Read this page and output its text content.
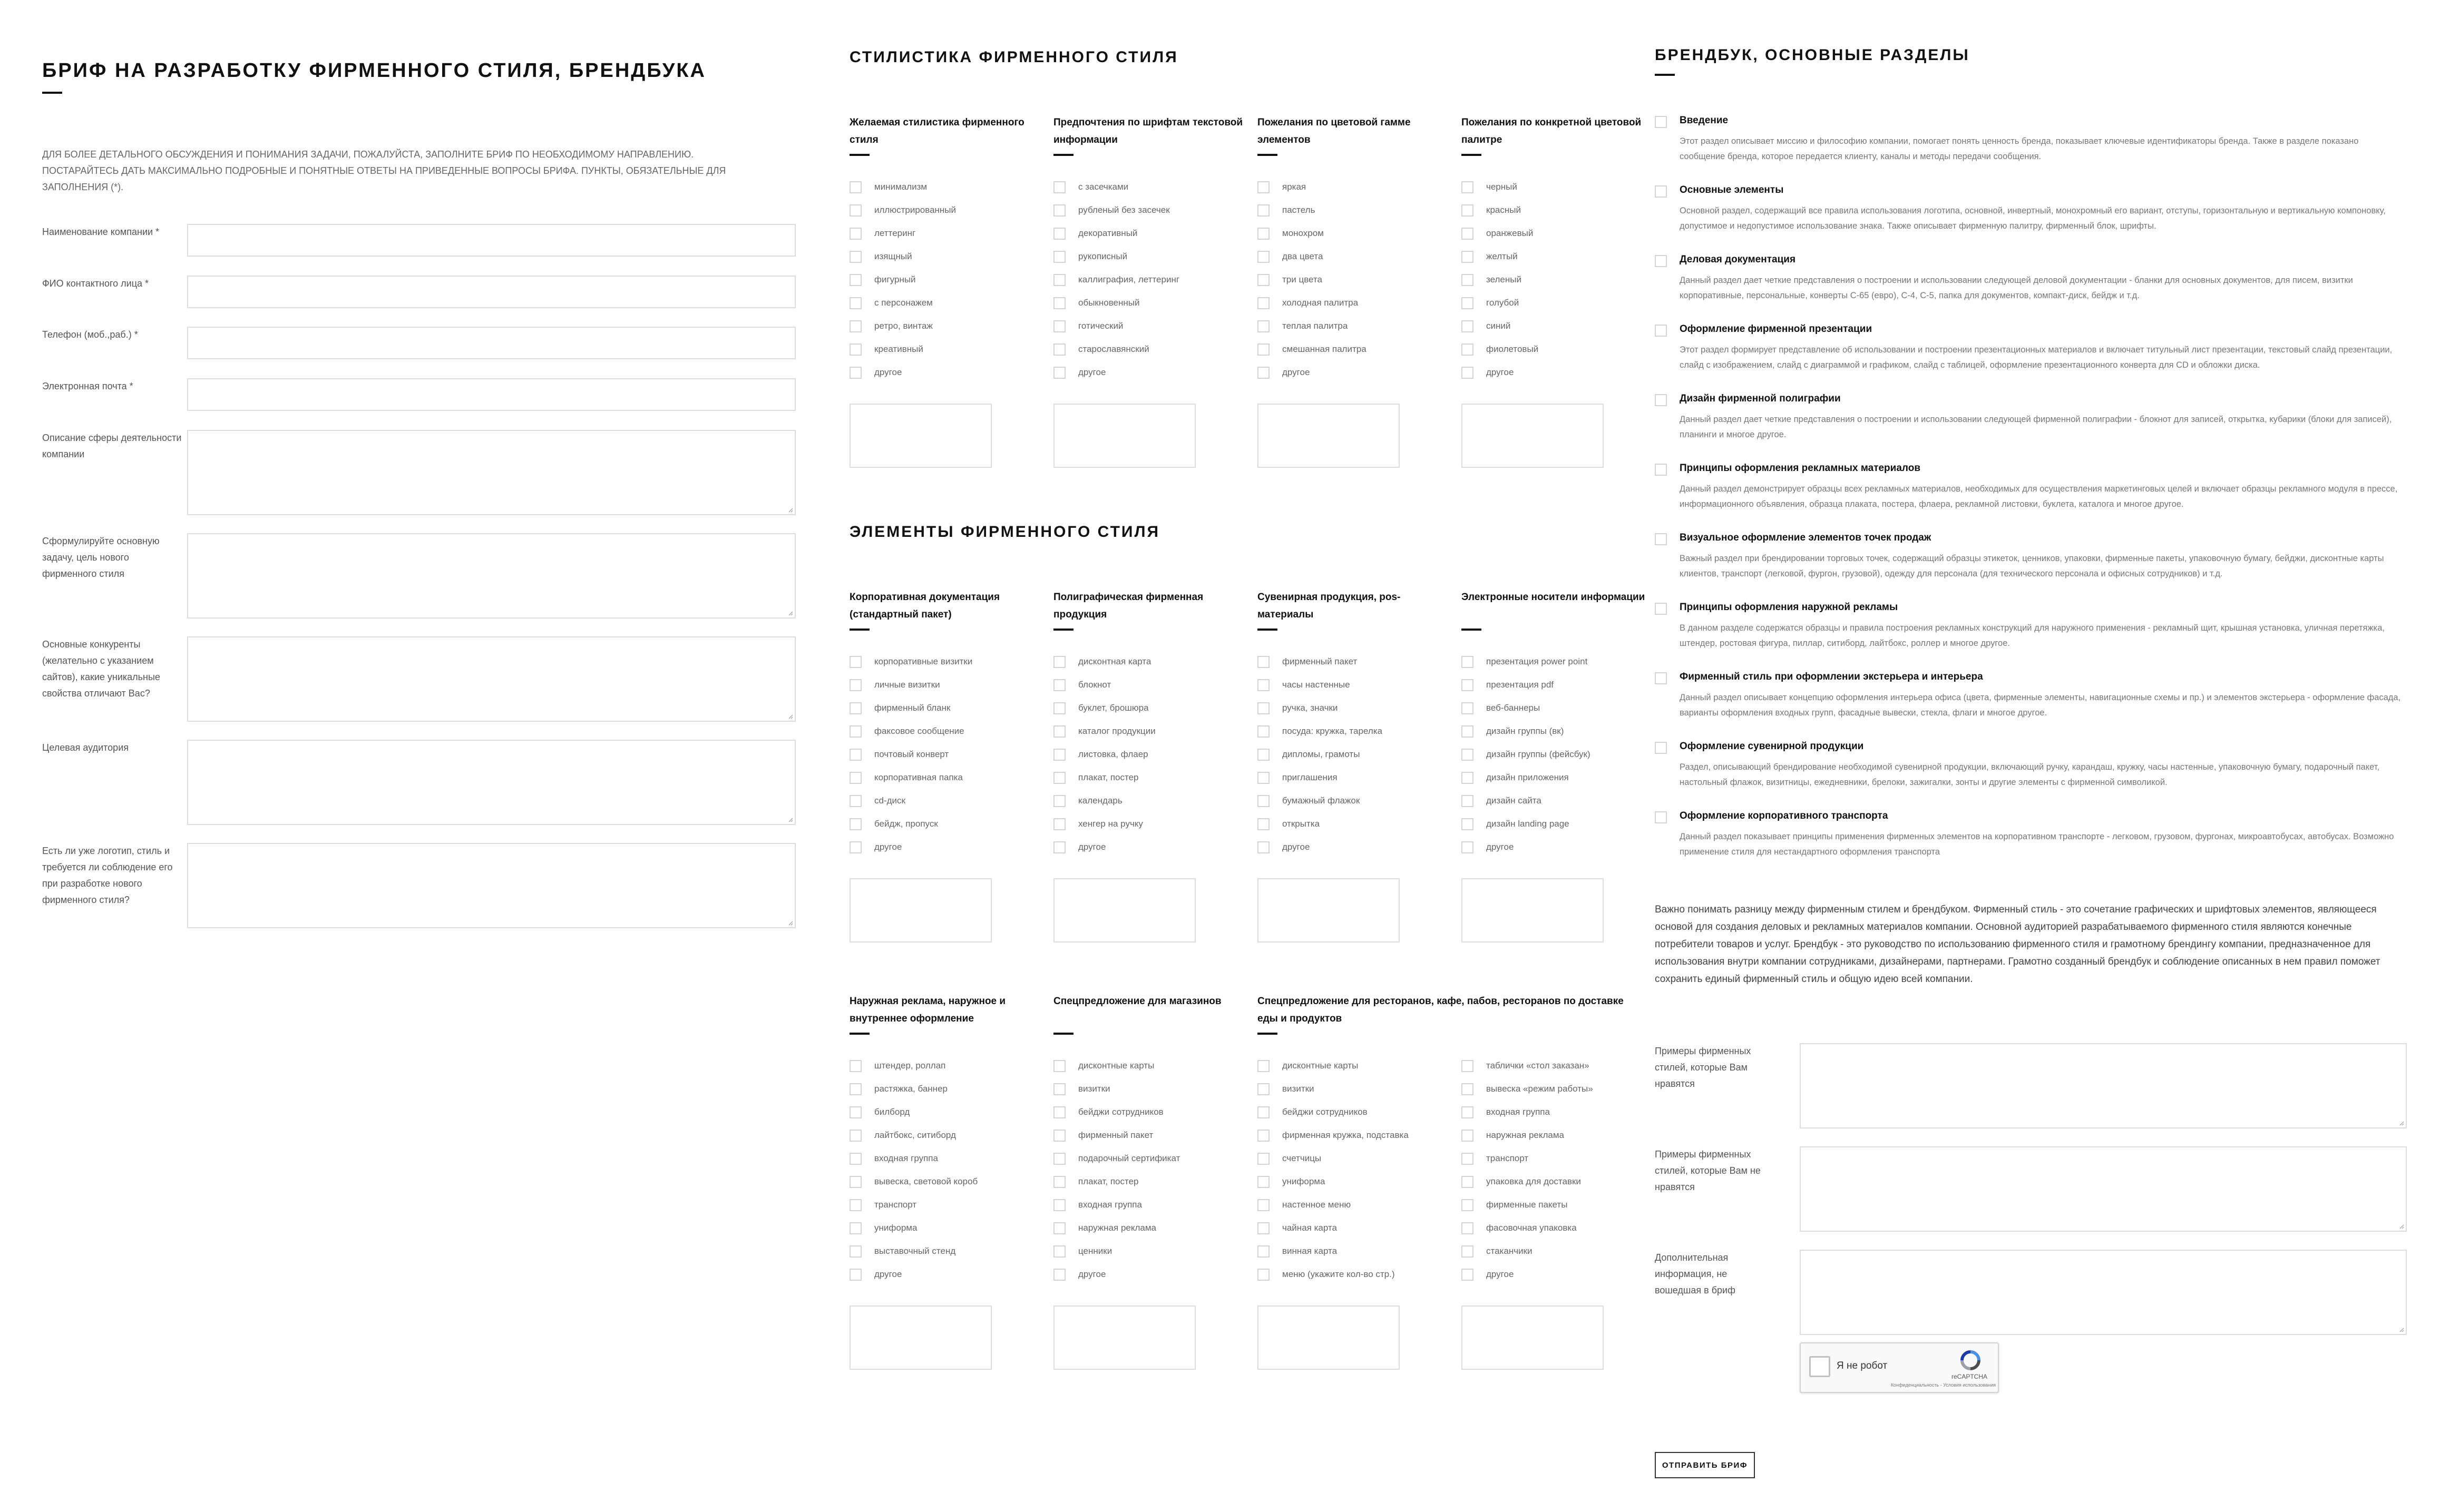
БРИФ НА РАЗРАБОТКУ ФИРМЕННОГО СТИЛЯ, БРЕНДБУКА
ДЛЯ БОЛЕЕ ДЕТАЛЬНОГО ОБСУЖДЕНИЯ И ПОНИМАНИЯ ЗАДАЧИ, ПОЖАЛУЙСТА, ЗАПОЛНИТЕ БРИФ ПО НЕОБХОДИМОМУ НАПРАВЛЕНИЮ.
ПОСТАРАЙТЕСЬ ДАТЬ МАКСИМАЛЬНО ПОДРОБНЫЕ И ПОНЯТНЫЕ ОТВЕТЫ НА ПРИВЕДЕННЫЕ ВОПРОСЫ БРИФА. ПУНКТЫ, ОБЯЗАТЕЛЬНЫЕ ДЛЯ ЗАПОЛНЕНИЯ (*).
Наименование компании *
ФИО контактного лица *
Телефон (моб.,раб.) *
Электронная почта *
Описание сферы деятельности компании
Сформулируйте основную задачу, цель нового фирменного стиля
Основные конкуренты (желательно с указанием сайтов), какие уникальные свойства отличают Вас?
Целевая аудитория
Есть ли уже логотип, стиль и требуется ли соблюдение его при разработке нового фирменного стиля?
СТИЛИСТИКА ФИРМЕННОГО СТИЛЯ
ЭЛЕМЕНТЫ ФИРМЕННОГО СТИЛЯ
Желаемая стилистика фирменного стиля
минимализм
иллюстрированный
леттеринг
изящный
фигурный
с персонажем
ретро, винтаж
креативный
другое
Предпочтения по шрифтам текстовой информации
с засечками
рубленый без засечек
декоративный
рукописный
каллиграфия, леттеринг
обыкновенный
готический
старославянский
другое
Пожелания по цветовой гамме элементов
яркая
пастель
монохром
два цвета
три цвета
холодная палитра
теплая палитра
смешанная палитра
другое
Пожелания по конкретной цветовой палитре
черный
красный
оранжевый
желтый
зеленый
голубой
синий
фиолетовый
другое
Корпоративная документация (стандартный пакет)
корпоративные визитки
личные визитки
фирменный бланк
факсовое сообщение
почтовый конверт
корпоративная папка
cd-диск
бейдж, пропуск
другое
Полиграфическая фирменная продукция
дисконтная карта
блокнот
буклет, брошюра
каталог продукции
листовка, флаер
плакат, постер
календарь
хенгер на ручку
другое
Сувенирная продукция, pos-материалы
фирменный пакет
часы настенные
ручка, значки
посуда: кружка, тарелка
дипломы, грамоты
приглашения
бумажный флажок
открытка
другое
Электронные носители информации
презентация power point
презентация pdf
веб-баннеры
дизайн группы (вк)
дизайн группы (фейсбук)
дизайн приложения
дизайн сайта
дизайн landing page
другое
Наружная реклама, наружное и внутреннее оформление
штендер, роллап
растяжка, баннер
билборд
лайтбокс, ситиборд
входная группа
вывеска, световой короб
транспорт
униформа
выставочный стенд
другое
Спецпредложение для магазинов
дисконтные карты
визитки
бейджи сотрудников
фирменный пакет
подарочный сертификат
плакат, постер
входная группа
наружная реклама
ценники
другое
Спецпредложение для ресторанов, кафе, пабов, ресторанов по доставке еды и продуктов
дисконтные карты
визитки
бейджи сотрудников
фирменная кружка, подставка
счетчицы
униформа
настенное меню
чайная карта
винная карта
меню (укажите кол-во стр.)
таблички «стол заказан»
вывеска «режим работы»
входная группа
наружная реклама
транспорт
упаковка для доставки
фирменные пакеты
фасовочная упаковка
стаканчики
другое
БРЕНДБУК, ОСНОВНЫЕ РАЗДЕЛЫ
Введение
Этот раздел описывает миссию и философию компании, помогает понять ценность бренда, показывает ключевые идентификаторы бренда. Также в разделе показано сообщение бренда, которое передается клиенту, каналы и методы передачи сообщения.
Основные элементы
Основной раздел, содержащий все правила использования логотипа, основной, инвертный, монохромный его вариант, отступы, горизонтальную и вертикальную компоновку, допустимое и недопустимое использование знака. Также описывает фирменную палитру, фирменный блок, шрифты.
Деловая документация
Данный раздел дает четкие представления о построении и использовании следующей деловой документации - бланки для основных документов, для писем, визитки корпоративные, персональные, конверты С-65 (евро), С-4, С-5, папка для документов, компакт-диск, бейдж и т.д.
Оформление фирменной презентации
Этот раздел формирует представление об использовании и построении презентационных материалов и включает титульный лист презентации, текстовый слайд презентации, слайд с изображением, слайд с диаграммой и графиком, слайд с таблицей, оформление презентационного конверта для CD и обложки диска.
Дизайн фирменной полиграфии
Данный раздел дает четкие представления о построении и использовании следующей фирменной полиграфии - блокнот для записей, открытка, кубарики (блоки для записей), планинги и многое другое.
Принципы оформления рекламных материалов
Данный раздел демонстрирует образцы всех рекламных материалов, необходимых для осуществления маркетинговых целей и включает образцы рекламного модуля в прессе, информационного объявления, образца плаката, постера, флаера, рекламной листовки, буклета, каталога и многое другое.
Визуальное оформление элементов точек продаж
Важный раздел при брендировании торговых точек, содержащий образцы этикеток, ценников, упаковки, фирменные пакеты, упаковочную бумагу, бейджи, дисконтные карты клиентов, транспорт (легковой, фургон, грузовой), одежду для персонала (для технического персонала и офисных сотрудников) и т.д.
Принципы оформления наружной рекламы
В данном разделе содержатся образцы и правила построения рекламных конструкций для наружного применения - рекламный щит, крышная установка, уличная перетяжка, штендер, ростовая фигура, пиллар, ситиборд, лайтбокс, роллер и многое другое.
Фирменный стиль при оформлении экстерьера и интерьера
Данный раздел описывает концепцию оформления интерьера офиса (цвета, фирменные элементы, навигационные схемы и пр.) и элементов экстерьера - оформление фасада, варианты оформления входных групп, фасадные вывески, стекла, флаги и многое другое.
Оформление сувенирной продукции
Раздел, описывающий брендирование необходимой сувенирной продукции, включающий ручку, карандаш, кружку, часы настенные, упаковочную бумагу, подарочный пакет, настольный флажок, визитницы, ежедневники, брелоки, зажигалки, зонты и другие элементы с фирменной символикой.
Оформление корпоративного транспорта
Данный раздел показывает принципы применения фирменных элементов на корпоративном транспорте - легковом, грузовом, фургонах, микроавтобусах, автобусах. Возможно применение стиля для нестандартного оформления транспорта
Важно понимать разницу между фирменным стилем и брендбуком. Фирменный стиль - это сочетание графических и шрифтовых элементов, являющееся основой для создания деловых и рекламных материалов компании. Основной аудиторией разрабатываемого фирменного стиля являются конечные потребители товаров и услуг. Брендбук - это руководство по использованию фирменного стиля и грамотному брендингу компании, предназначенное для использования внутри компании сотрудниками, дизайнерами, партнерами. Грамотно созданный брендбук и соблюдение описанных в нем правил поможет сохранить единый фирменный стиль и общую идею всей компании.
Примеры фирменных стилей, которые Вам нравятся
Примеры фирменных стилей, которые Вам не нравятся
Дополнительная информация, не вошедшая в бриф
Я не робот
reCAPTCHA
Конфиденциальность - Условия использования
ОТПРАВИТЬ БРИФ
